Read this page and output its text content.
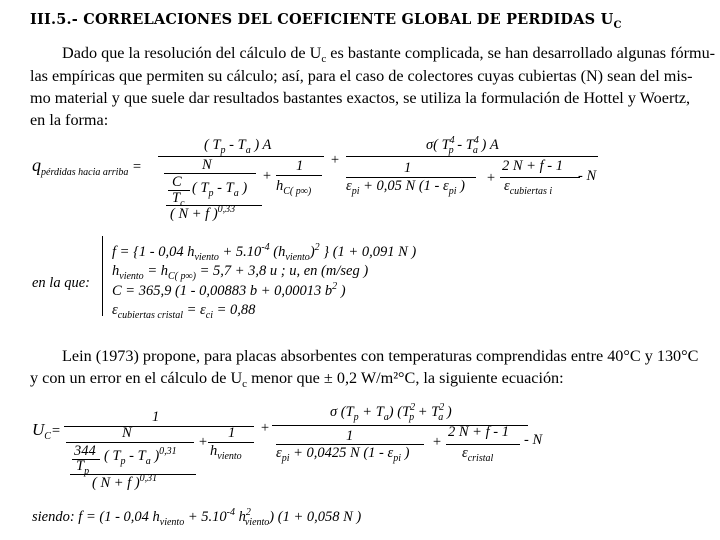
III.5.- CORRELACIONES DEL COEFICIENTE GLOBAL DE PERDIDAS $U_C$
Dado que la resolución del cálculo de $U_c$ es bastante complicada, se han desarrollado algunas fórmu-
las empíricas que permiten su cálculo; así, para el caso de colectores cuyas cubiertas (N) sean del mis-
mo material y que suele dar resultados bastantes exactos, se utiliza la formulación de Hottel y Woertz,
en la forma:
$q_{pérdidas hacia arriba}$ =
( $T_p - T_a$ ) A
N
C
$T_c$
( $T_p - T_a$ )
( N + f )$^{0,33}$
+
1
$h_{C( p\infty)}$
+
σ( $T^4_p - T^4_a$ ) A
1
$\varepsilon_{pi} + 0,05$ N ($1 - \varepsilon_{pi}$ ) +
2 N + f - 1
$\varepsilon_{cubiertas i}$
- N
en la que:
f = {1 - 0,04 $h_{viento} + 5.10^{-4}$ $(h_{viento})^2$ } (1 + 0,091 N )
$h_{viento} = h_{C( p\infty)} = 5,7 + 3,8$ u ; u, en (m/seg )
C = 365,9 (1 - 0,00883 b + 0,00013 $b^2$ )
$\varepsilon_{cubiertas cristal} = \varepsilon_{ci} = 0,88$
Lein (1973) propone, para placas absorbentes con temperaturas comprendidas entre 40°C y 130°C
y con un error en el cálculo de $U_c$ menor que ± 0,2 W/m²°C, la siguiente ecuación:
$U_C=$
1
N
344
$T_p$
( $T_p - T_a$ )$^{0,31}$
( N + f )$^{0,31}$
+
1
$h_{viento}$
+
σ $(T_p + T_a) (T^2_p + T^2_a$ )
1
$\varepsilon_{pi} + 0,0425$ N ($1 - \varepsilon_{pi}$ )
+
2 N + f - 1
$\varepsilon_{cristal}$
- N
siendo: f = (1 - 0,04 $h_{viento} + 5.10^{-4}$ $h^2_{viento}$) (1 + 0,058 N )
